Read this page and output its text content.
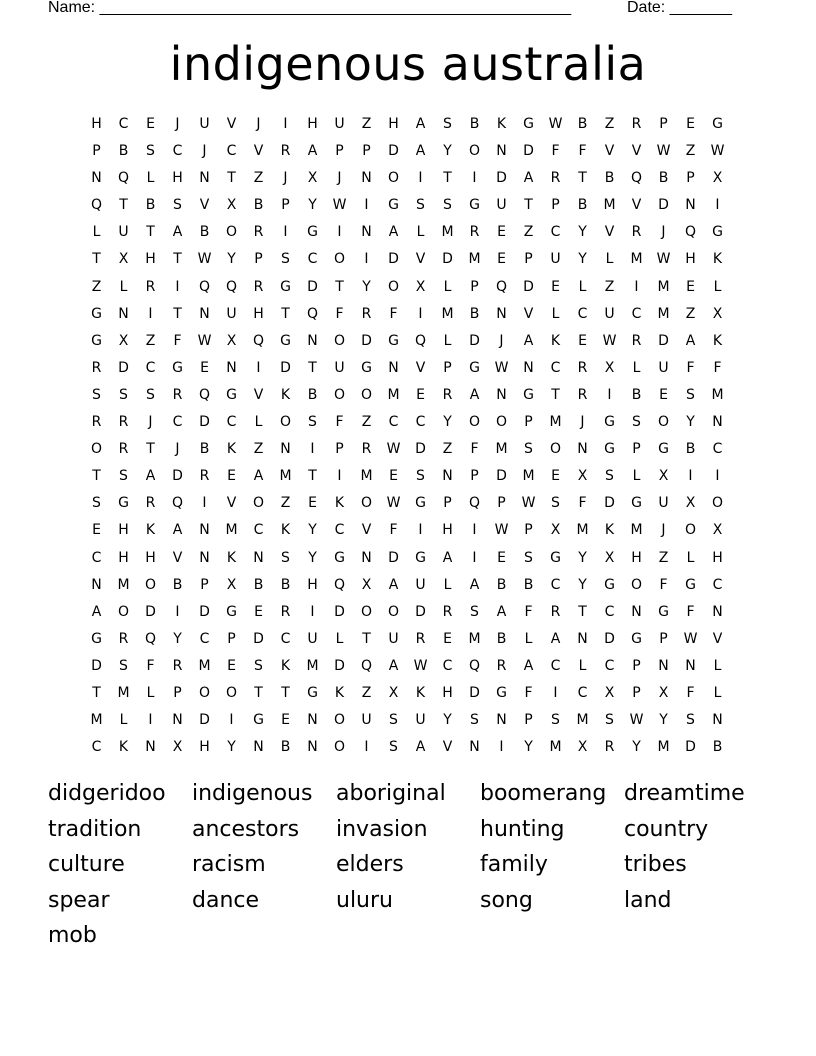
Name: _____________________________________________________	Date: _______
indigenous australia
H	C	E	J	U	V	J	I	H	U	Z	H	A	S	B	K	G	W	B	Z	R	P	E	G
P	B	S	C	J	C	V	R	A	P	P	D	A	Y	O	N	D	F	F	V	V	W	Z	W
N	Q	L	H	N	T	Z	J	X	J	N	O	I	T	I	D	A	R	T	B	Q	B	P	X
Q	T	B	S	V	X	B	P	Y	W	I	G	S	S	G	U	T	P	B	M	V	D	N	I
L	U	T	A	B	O	R	I	G	I	N	A	L	M	R	E	Z	C	Y	V	R	J	Q	G
T	X	H	T	W	Y	P	S	C	O	I	D	V	D	M	E	P	U	Y	L	M	W	H	K
Z	L	R	I	Q	Q	R	G	D	T	Y	O	X	L	P	Q	D	E	L	Z	I	M	E	L
G	N	I	T	N	U	H	T	Q	F	R	F	I	M	B	N	V	L	C	U	C	M	Z	X
G	X	Z	F	W	X	Q	G	N	O	D	G	Q	L	D	J	A	K	E	W	R	D	A	K
R	D	C	G	E	N	I	D	T	U	G	N	V	P	G	W	N	C	R	X	L	U	F	F
S	S	S	R	Q	G	V	K	B	O	O	M	E	R	A	N	G	T	R	I	B	E	S	M
R	R	J	C	D	C	L	O	S	F	Z	C	C	Y	O	O	P	M	J	G	S	O	Y	N
O	R	T	J	B	K	Z	N	I	P	R	W	D	Z	F	M	S	O	N	G	P	G	B	C
T	S	A	D	R	E	A	M	T	I	M	E	S	N	P	D	M	E	X	S	L	X	I	I
S	G	R	Q	I	V	O	Z	E	K	O	W	G	P	Q	P	W	S	F	D	G	U	X	O
E	H	K	A	N	M	C	K	Y	C	V	F	I	H	I	W	P	X	M	K	M	J	O	X
C	H	H	V	N	K	N	S	Y	G	N	D	G	A	I	E	S	G	Y	X	H	Z	L	H
N	M	O	B	P	X	B	B	H	Q	X	A	U	L	A	B	B	C	Y	G	O	F	G	C
A	O	D	I	D	G	E	R	I	D	O	O	D	R	S	A	F	R	T	C	N	G	F	N
G	R	Q	Y	C	P	D	C	U	L	T	U	R	E	M	B	L	A	N	D	G	P	W	V
D	S	F	R	M	E	S	K	M	D	Q	A	W	C	Q	R	A	C	L	C	P	N	N	L
T	M	L	P	O	O	T	T	G	K	Z	X	K	H	D	G	F	I	C	X	P	X	F	L
M	L	I	N	D	I	G	E	N	O	U	S	U	Y	S	N	P	S	M	S	W	Y	S	N
C	K	N	X	H	Y	N	B	N	O	I	S	A	V	N	I	Y	M	X	R	Y	M	D	B
didgeridoo	indigenous	aboriginal	boomerang dreamtime
tradition	ancestors	invasion	hunting	country
culture	racism	elders	family	tribes
spear	dance	uluru	song	land
mob
